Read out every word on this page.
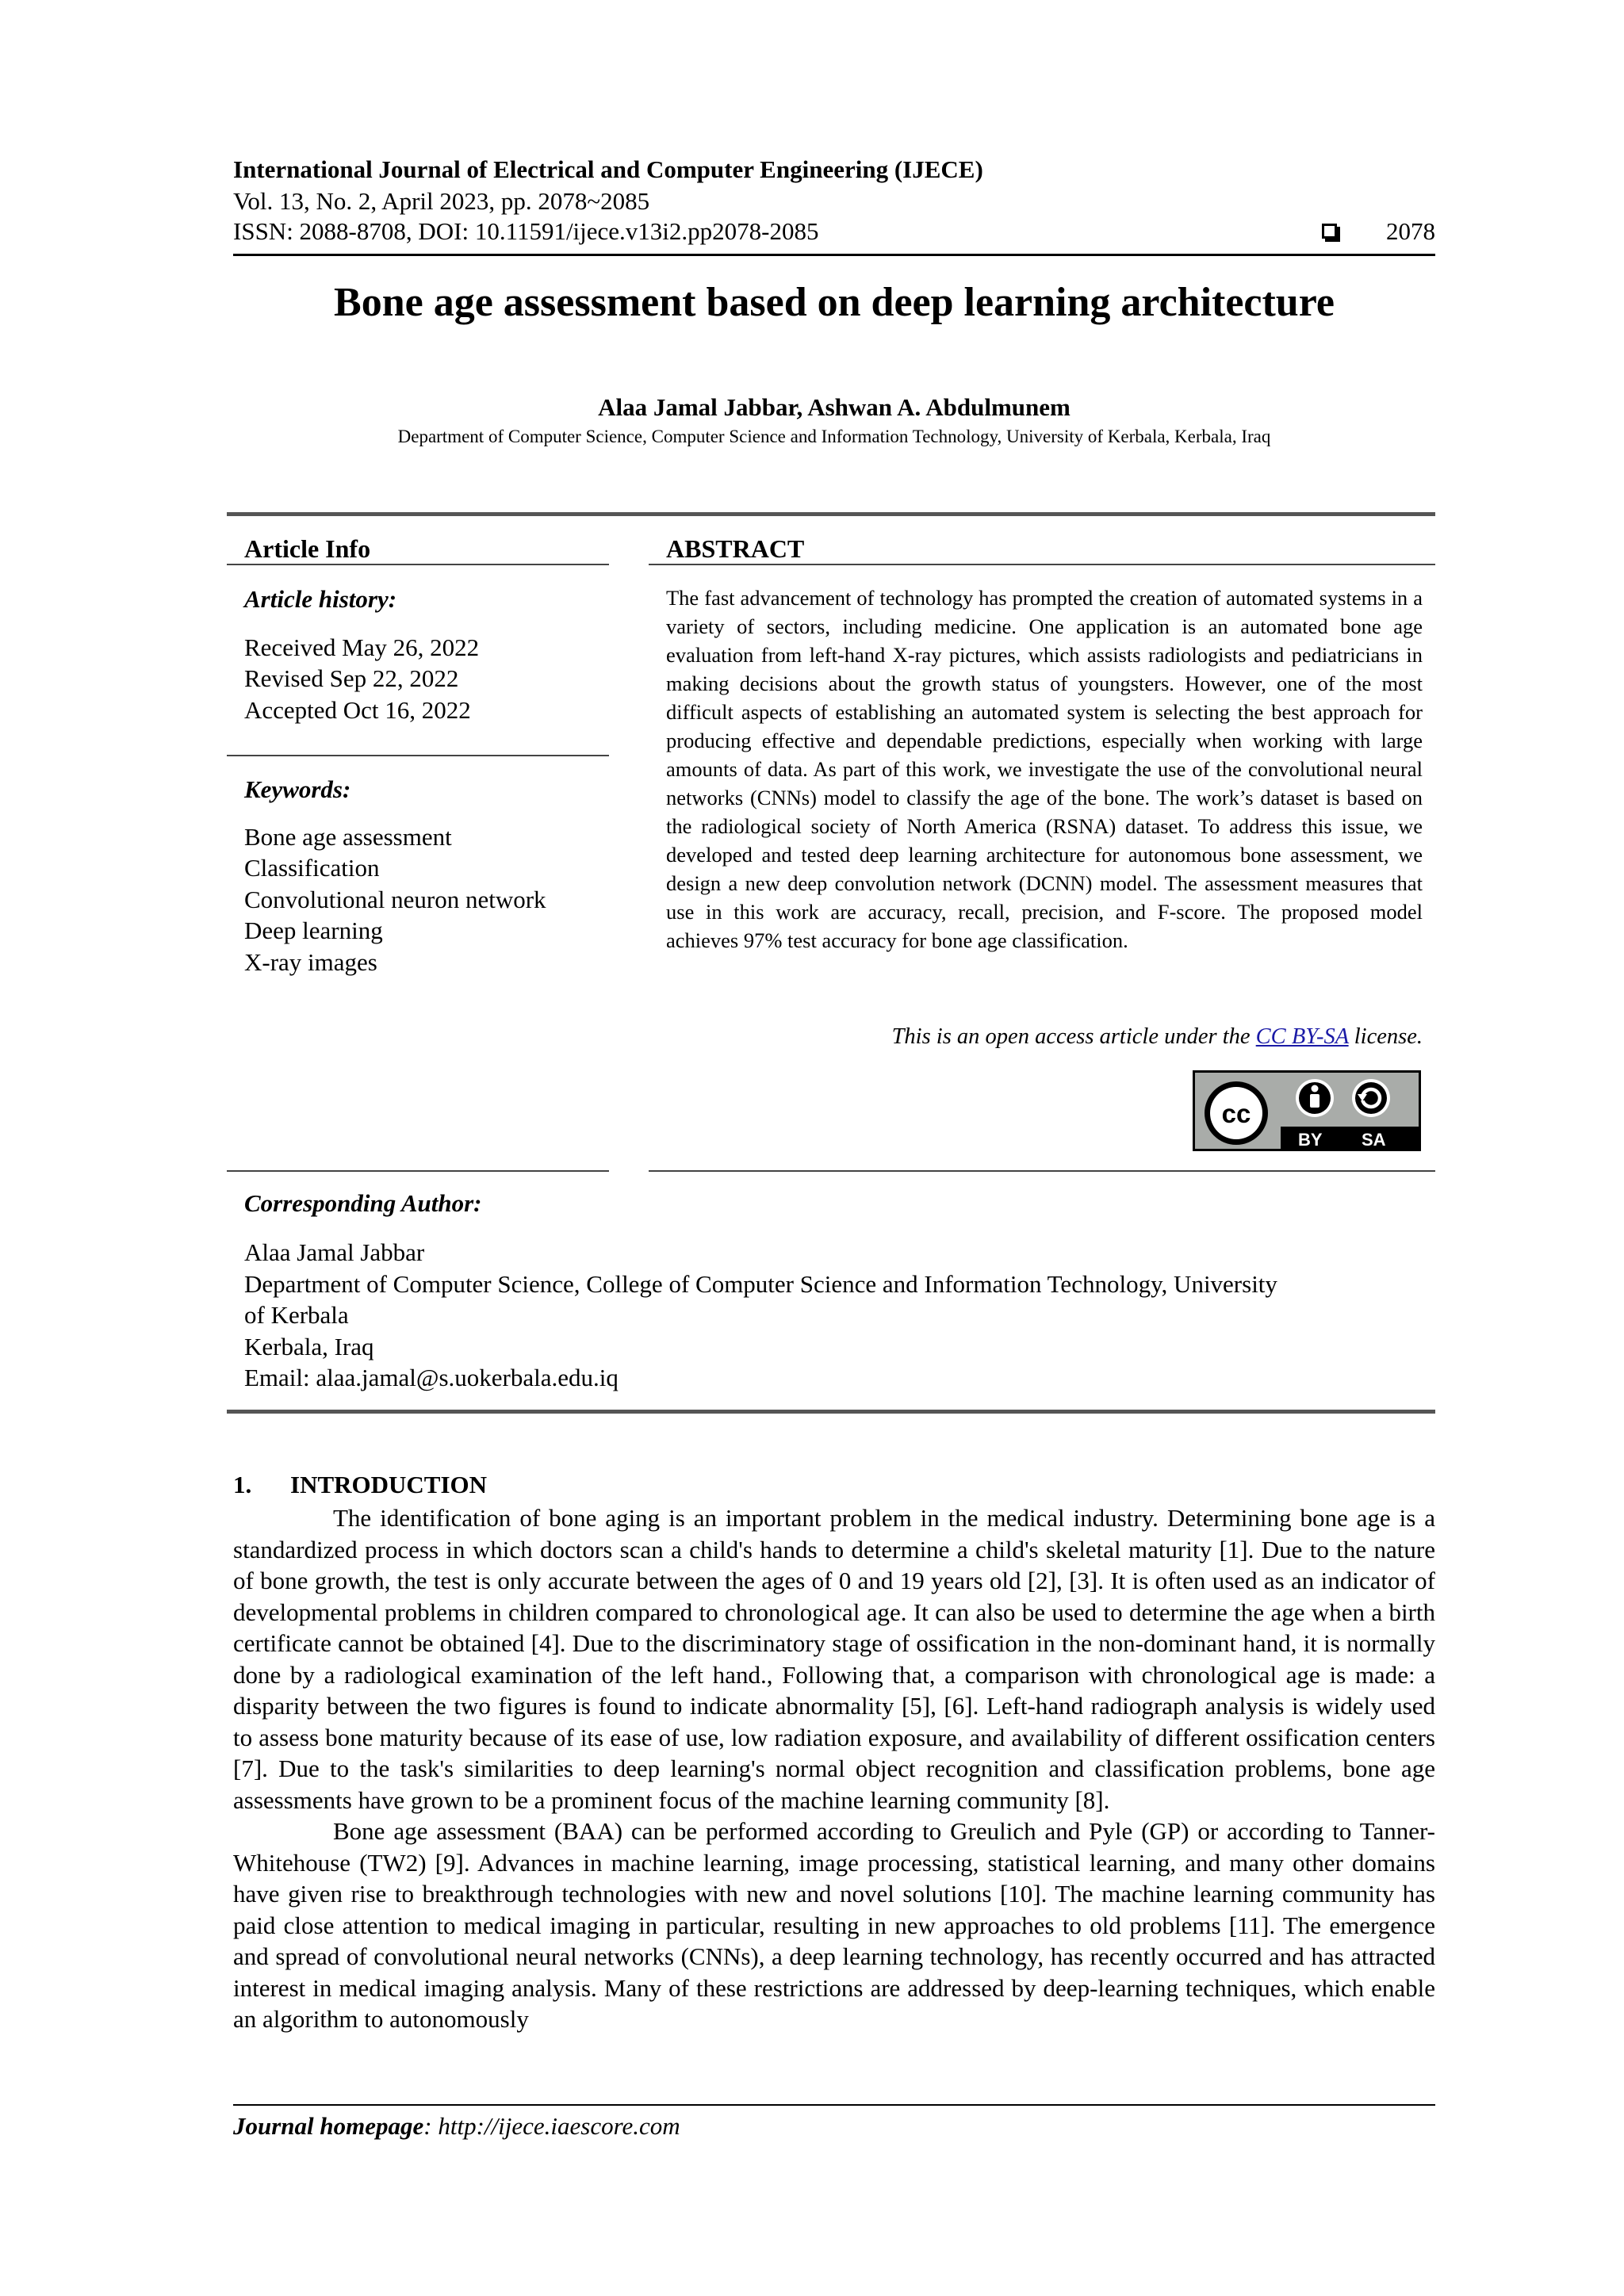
International Journal of Electrical and Computer Engineering (IJECE)
Vol. 13, No. 2, April 2023, pp. 2078~2085
ISSN: 2088-8708, DOI: 10.11591/ijece.v13i2.pp2078-2085	2078
Bone age assessment based on deep learning architecture
Alaa Jamal Jabbar, Ashwan A. Abdulmunem
Department of Computer Science, Computer Science and Information Technology, University of Kerbala, Kerbala, Iraq
Article Info	ABSTRACT
Article history:
Received May 26, 2022
Revised Sep 22, 2022
Accepted Oct 16, 2022
Keywords:
Bone age assessment
Classification
Convolutional neuron network
Deep learning
X-ray images
The fast advancement of technology has prompted the creation of automated systems in a variety of sectors, including medicine. One application is an automated bone age evaluation from left-hand X-ray pictures, which assists radiologists and pediatricians in making decisions about the growth status of youngsters. However, one of the most difficult aspects of establishing an automated system is selecting the best approach for producing effective and dependable predictions, especially when working with large amounts of data. As part of this work, we investigate the use of the convolutional neural networks (CNNs) model to classify the age of the bone. The work’s dataset is based on the radiological society of North America (RSNA) dataset. To address this issue, we developed and tested deep learning architecture for autonomous bone assessment, we design a new deep convolution network (DCNN) model. The assessment measures that use in this work are accuracy, recall, precision, and F-score. The proposed model achieves 97% test accuracy for bone age classification.
This is an open access article under the CC BY-SA license.
cc
BY SA
Corresponding Author:
Alaa Jamal Jabbar
Department of Computer Science, College of Computer Science and Information Technology, University
of Kerbala
Kerbala, Iraq
Email: alaa.jamal@s.uokerbala.edu.iq
1. INTRODUCTION

The identification of bone aging is an important problem in the medical industry. Determining bone age is a standardized process in which doctors scan a child's hands to determine a child's skeletal maturity [1]. Due to the nature of bone growth, the test is only accurate between the ages of 0 and 19 years old [2], [3]. It is often used as an indicator of developmental problems in children compared to chronological age. It can also be used to determine the age when a birth certificate cannot be obtained [4]. Due to the discriminatory stage of ossification in the non-dominant hand, it is normally done by a radiological examination of the left hand., Following that, a comparison with chronological age is made: a disparity between the two figures is found to indicate abnormality [5], [6]. Left-hand radiograph analysis is widely used to assess bone maturity because of its ease of use, low radiation exposure, and availability of different ossification centers [7]. Due to the task's similarities to deep learning's normal object recognition and classification problems, bone age assessments have grown to be a prominent focus of the machine learning community [8].

Bone age assessment (BAA) can be performed according to Greulich and Pyle (GP) or according to Tanner-Whitehouse (TW2) [9]. Advances in machine learning, image processing, statistical learning, and many other domains have given rise to breakthrough technologies with new and novel solutions [10]. The machine learning community has paid close attention to medical imaging in particular, resulting in new approaches to old problems [11]. The emergence and spread of convolutional neural networks (CNNs), a deep learning technology, has recently occurred and has attracted interest in medical imaging analysis. Many of these restrictions are addressed by deep-learning techniques, which enable an algorithm to autonomously

Journal homepage: http://ijece.iaescore.com
